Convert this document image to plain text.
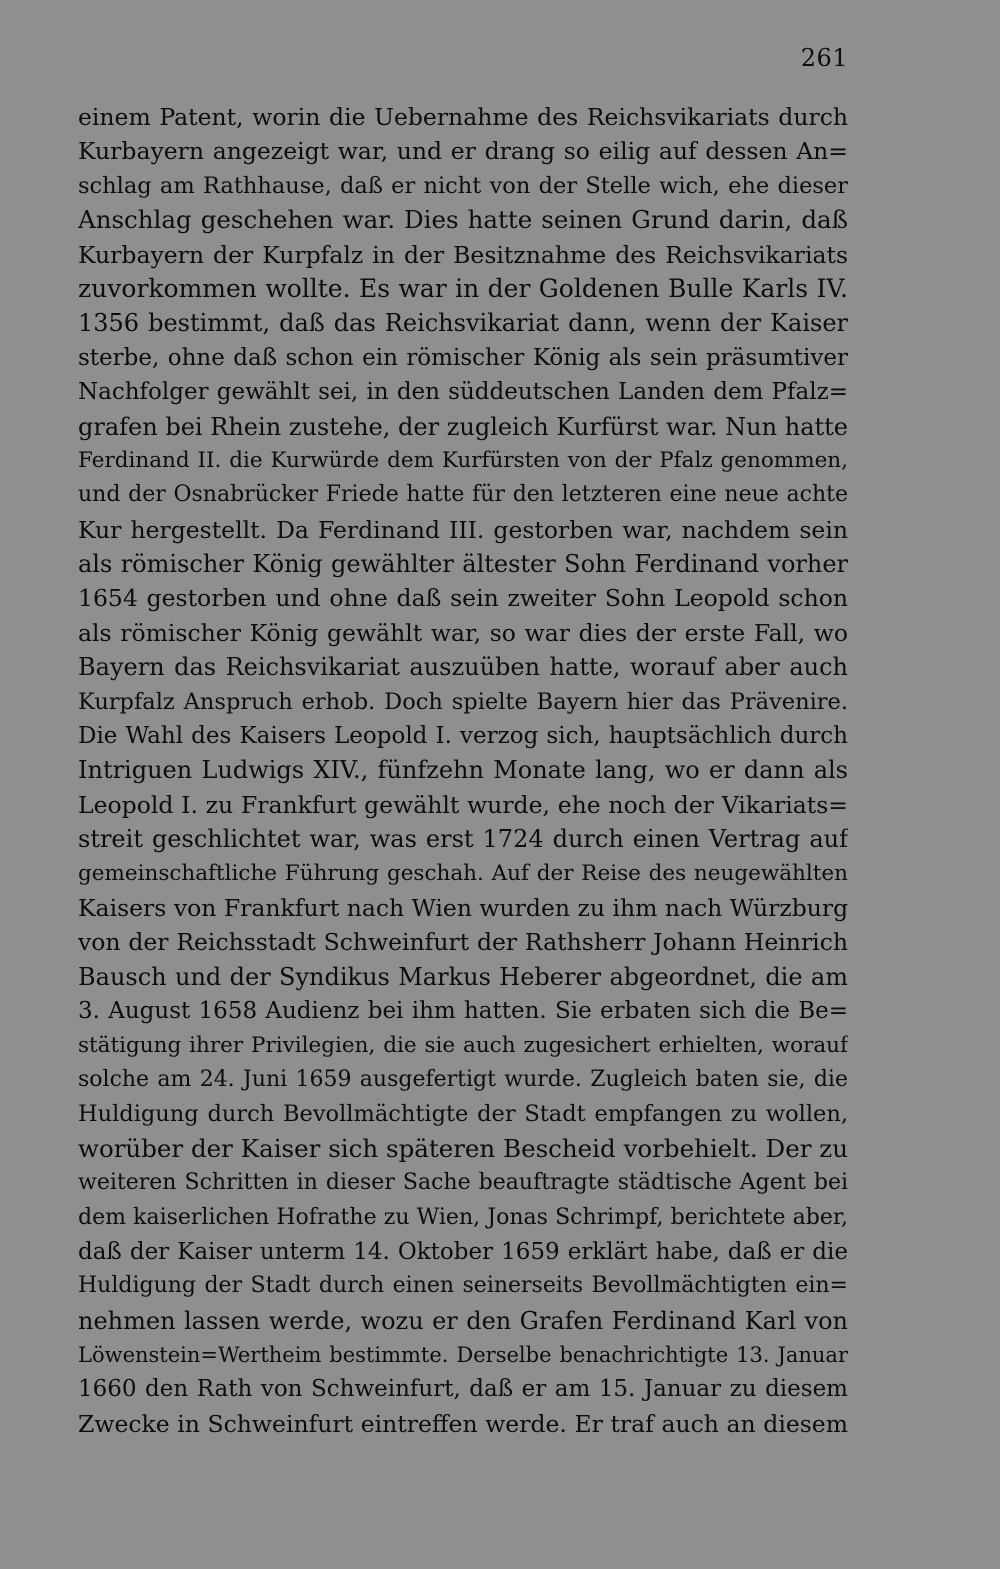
261
einem Patent, worin die Uebernahme des Reichsvikariats durch
Kurbayern angezeigt war, und er drang so eilig auf dessen An=
schlag am Rathhause, daß er nicht von der Stelle wich, ehe dieser
Anschlag geschehen war. Dies hatte seinen Grund darin, daß
Kurbayern der Kurpfalz in der Besitznahme des Reichsvikariats
zuvorkommen wollte. Es war in der Goldenen Bulle Karls IV.
1356 bestimmt, daß das Reichsvikariat dann, wenn der Kaiser
sterbe, ohne daß schon ein römischer König als sein präsumtiver
Nachfolger gewählt sei, in den süddeutschen Landen dem Pfalz=
grafen bei Rhein zustehe, der zugleich Kurfürst war. Nun hatte
Ferdinand II. die Kurwürde dem Kurfürsten von der Pfalz genommen,
und der Osnabrücker Friede hatte für den letzteren eine neue achte
Kur hergestellt. Da Ferdinand III. gestorben war, nachdem sein
als römischer König gewählter ältester Sohn Ferdinand vorher
1654 gestorben und ohne daß sein zweiter Sohn Leopold schon
als römischer König gewählt war, so war dies der erste Fall, wo
Bayern das Reichsvikariat auszuüben hatte, worauf aber auch
Kurpfalz Anspruch erhob. Doch spielte Bayern hier das Prävenire.
Die Wahl des Kaisers Leopold I. verzog sich, hauptsächlich durch
Intriguen Ludwigs XIV., fünfzehn Monate lang, wo er dann als
Leopold I. zu Frankfurt gewählt wurde, ehe noch der Vikariats=
streit geschlichtet war, was erst 1724 durch einen Vertrag auf
gemeinschaftliche Führung geschah. Auf der Reise des neugewählten
Kaisers von Frankfurt nach Wien wurden zu ihm nach Würzburg
von der Reichsstadt Schweinfurt der Rathsherr Johann Heinrich
Bausch und der Syndikus Markus Heberer abgeordnet, die am
3. August 1658 Audienz bei ihm hatten. Sie erbaten sich die Be=
stätigung ihrer Privilegien, die sie auch zugesichert erhielten, worauf
solche am 24. Juni 1659 ausgefertigt wurde. Zugleich baten sie, die
Huldigung durch Bevollmächtigte der Stadt empfangen zu wollen,
worüber der Kaiser sich späteren Bescheid vorbehielt. Der zu
weiteren Schritten in dieser Sache beauftragte städtische Agent bei
dem kaiserlichen Hofrathe zu Wien, Jonas Schrimpf, berichtete aber,
daß der Kaiser unterm 14. Oktober 1659 erklärt habe, daß er die
Huldigung der Stadt durch einen seinerseits Bevollmächtigten ein=
nehmen lassen werde, wozu er den Grafen Ferdinand Karl von
Löwenstein=Wertheim bestimmte. Derselbe benachrichtigte 13. Januar
1660 den Rath von Schweinfurt, daß er am 15. Januar zu diesem
Zwecke in Schweinfurt eintreffen werde. Er traf auch an diesem
